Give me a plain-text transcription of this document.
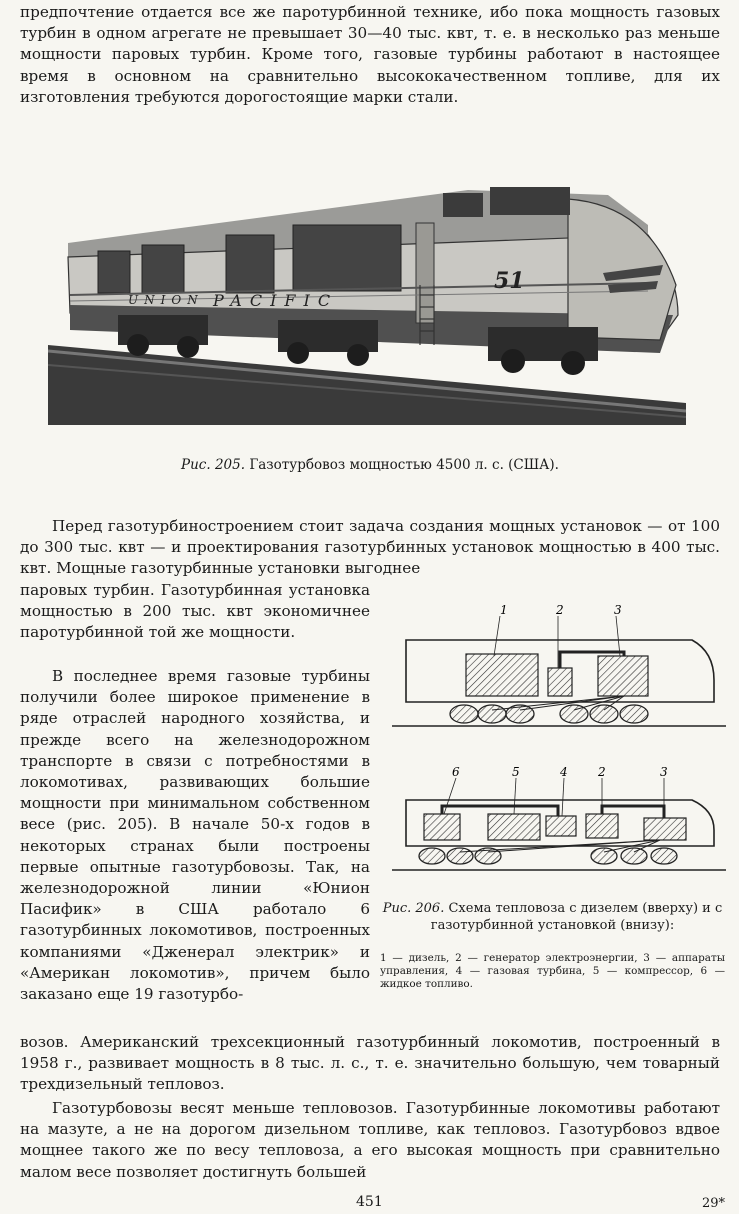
предпочтение отдается все же паротурбинной технике, ибо пока мощность газовых турбин в одном агрегате не превышает 30—40 тыс. квт, т. е. в несколько раз меньше мощности паровых турбин. Кроме того, газовые турбины работают в настоящее время в основном на сравнительно высококачественном топливе, для их изготовления требуются дорогостоящие марки стали.

UNION PACIFIC
51

Рис. 205. Газотурбовоз мощностью 4500 л. с. (США).

Перед газотурбиностроением стоит задача создания мощных установок — от 100 до 300 тыс. квт — и проектирования газотурбинных установок мощностью в 400 тыс. квт. Мощные газотурбинные установки выгоднее

паровых турбин. Газотурбинная установка мощностью в 200 тыс. квт экономичнее паротурбинной той же мощности.

В последнее время газовые турбины получили более широкое применение в ряде отраслей народного хозяйства, и прежде всего на железнодорожном транспорте в связи с потребностями в локомотивах, развивающих большие мощности при минимальном собственном весе (рис. 205). В начале 50-х годов в некоторых странах были построены первые опытные газотурбовозы. Так, на железнодорожной линии «Юнион Пасифик» в США работало 6 газотурбинных локомотивов, построенных компаниями «Дженерал электрик» и «Американ локомотив», причем было заказано еще 19 газотурбо-

1	2	3
6	5	4	2	3

Рис. 206. Схема тепловоза с дизелем (вверху) и с газотурбинной установкой (внизу):

1 — дизель, 2 — генератор электроэнергии, 3 — аппараты управления, 4 — газовая турбина, 5 — компрессор, 6 — жидкое топливо.

возов. Американский трехсекционный газотурбинный локомотив, построенный в 1958 г., развивает мощность в 8 тыс. л. с., т. е. значительно большую, чем товарный трехдизельный тепловоз.

Газотурбовозы весят меньше тепловозов. Газотурбинные локомотивы работают на мазуте, а не на дорогом дизельном топливе, как тепловоз. Газотурбовоз вдвое мощнее такого же по весу тепловоза, а его высокая мощность при сравнительно малом весе позволяет достигнуть большей

451	29*
